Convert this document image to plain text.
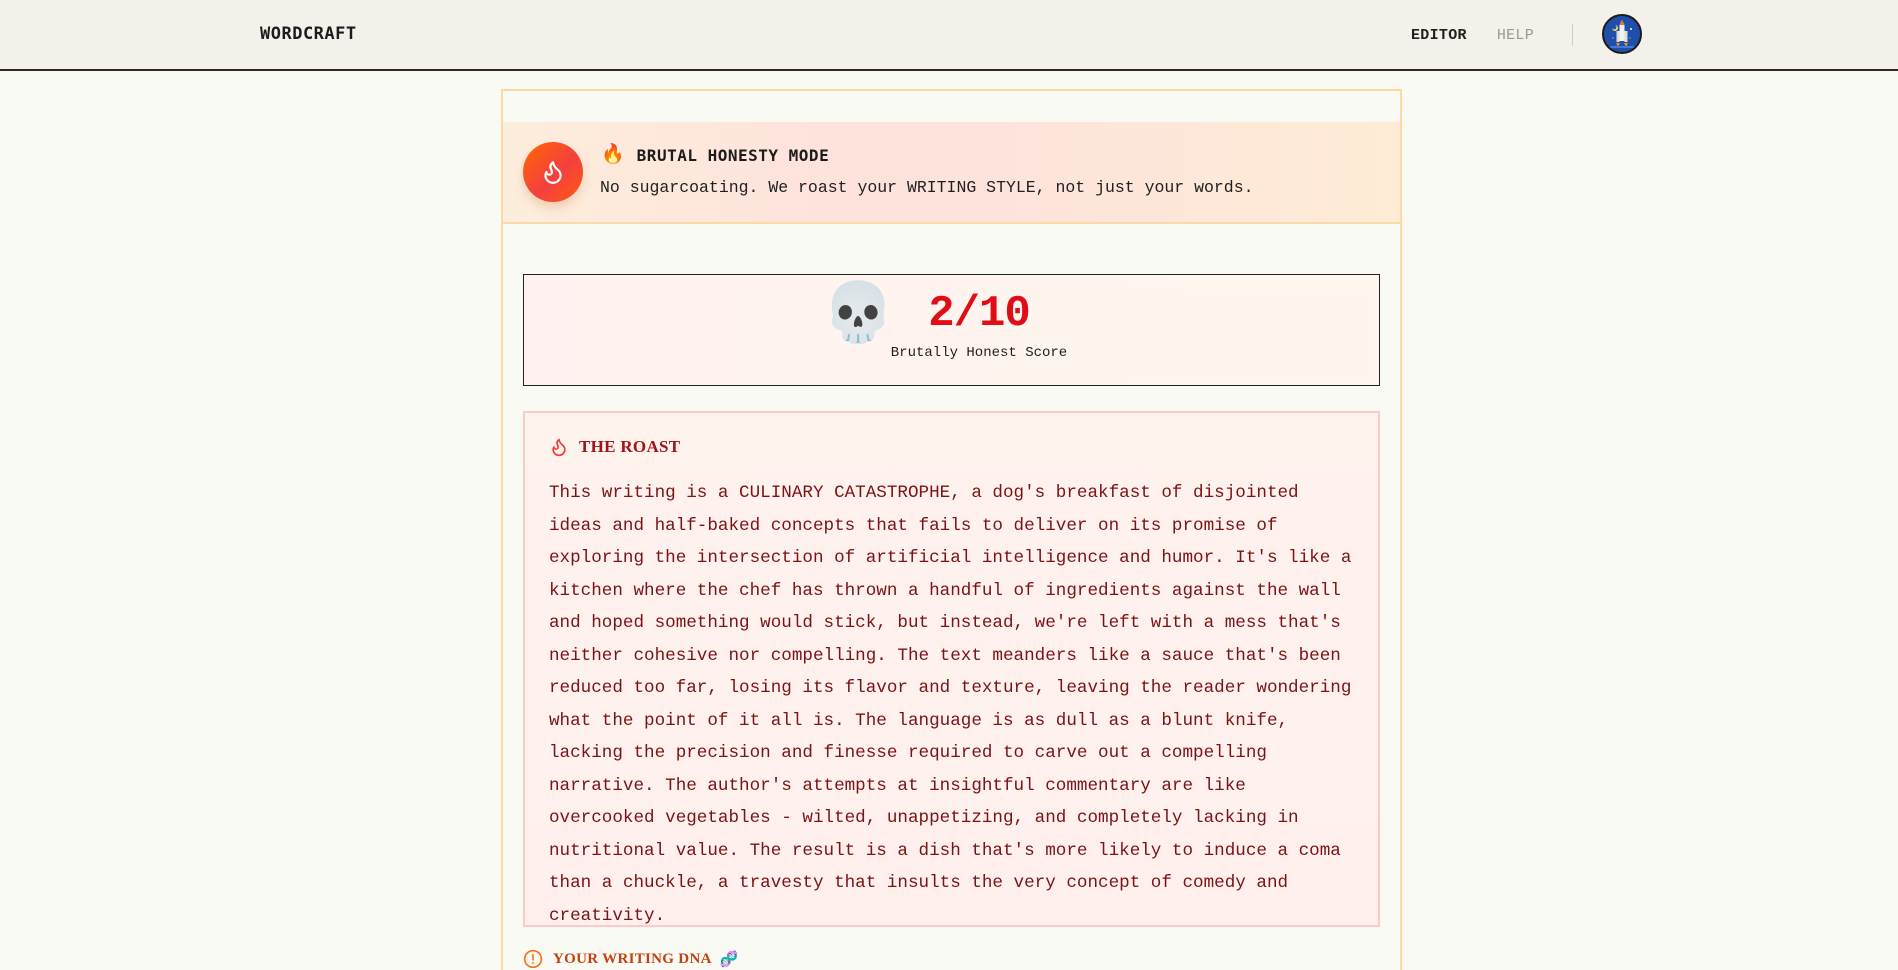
WORDCRAFT	EDITOR HELP
🔥 BRUTAL HONESTY MODE
No sugarcoating. We roast your WRITING STYLE, not just your words.
💀 2/10
Brutally Honest Score
THE ROAST

This writing is a CULINARY CATASTROPHE, a dog's breakfast of disjointed ideas and half-baked concepts that fails to deliver on its promise of exploring the intersection of artificial intelligence and humor. It's like a kitchen where the chef has thrown a handful of ingredients against the wall and hoped something would stick, but instead, we're left with a mess that's neither cohesive nor compelling. The text meanders like a sauce that's been reduced too far, losing its flavor and texture, leaving the reader wondering what the point of it all is. The language is as dull as a blunt knife, lacking the precision and finesse required to carve out a compelling narrative. The author's attempts at insightful commentary are like overcooked vegetables - wilted, unappetizing, and completely lacking in nutritional value. The result is a dish that's more likely to induce a coma than a chuckle, a travesty that insults the very concept of comedy and creativity.

YOUR WRITING DNA 🧬
